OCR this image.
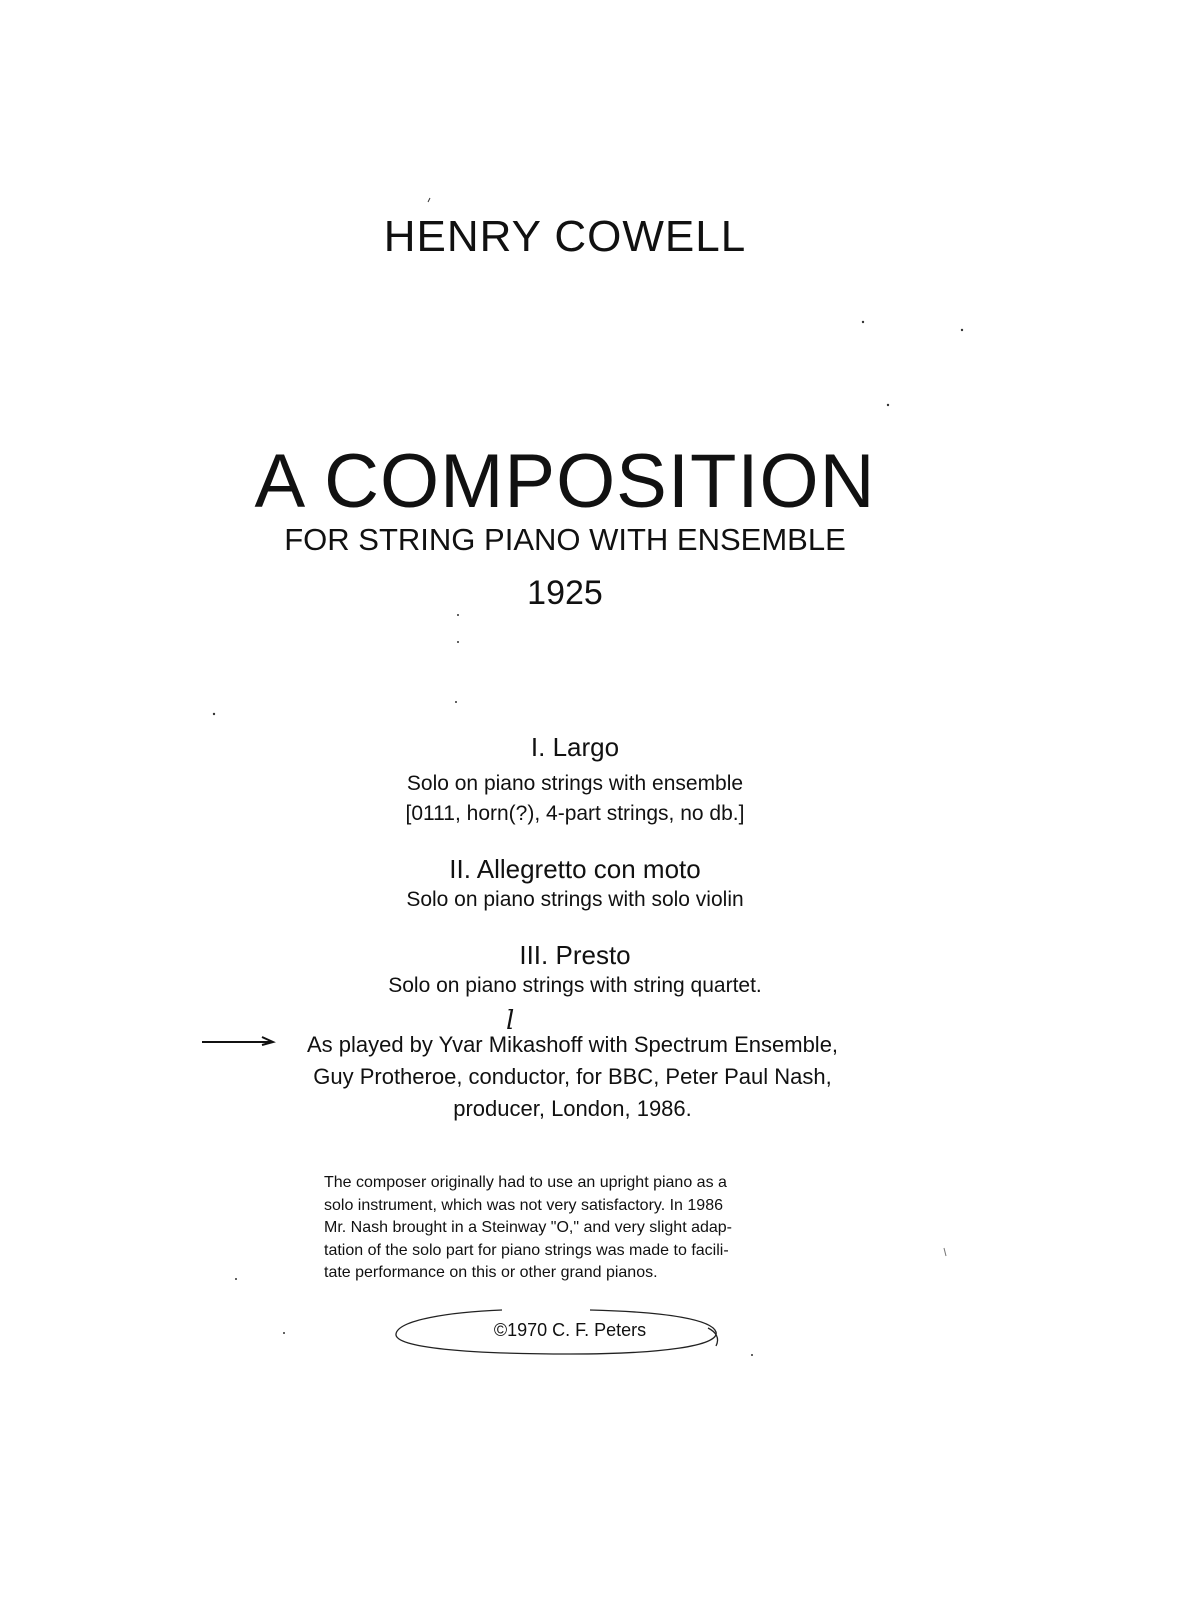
HENRY COWELL
A COMPOSITION
FOR STRING PIANO WITH ENSEMBLE
1925
I. Largo
Solo on piano strings with ensemble
[0111, horn(?), 4-part strings, no db.]
II. Allegretto con moto
Solo on piano strings with solo violin
III. Presto
Solo on piano strings with string quartet.
l
As played by Yvar Mikashoff with Spectrum Ensemble,
Guy Protheroe, conductor, for BBC, Peter Paul Nash,
producer, London, 1986.
The composer originally had to use an upright piano as a
solo instrument, which was not very satisfactory. In 1986
Mr. Nash brought in a Steinway "O," and very slight adap-
tation of the solo part for piano strings was made to facili-
tate performance on this or other grand pianos.
©1970 C. F. Peters
